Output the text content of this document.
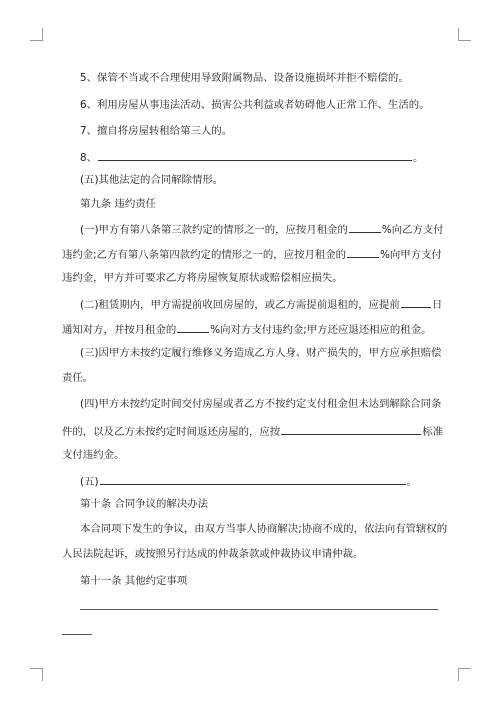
5、保管不当或不合理使用导致附属物品、设备设施损坏并拒不赔偿的。
6、利用房屋从事违法活动、损害公共利益或者妨碍他人正常工作、生活的。
7、擅自将房屋转租给第三人的。
8、	。
(五)其他法定的合同解除情形。
第九条 违约责任
(一)甲方有第八条第三款约定的情形之一的，应按月租金的	%向乙方支付
违约金;乙方有第八条第四款约定的情形之一的，应按月租金的	%向甲方支付
违约金，甲方并可要求乙方将房屋恢复原状或赔偿相应损失。
(二)租赁期内，甲方需提前收回房屋的，或乙方需提前退租的，应提前	日
通知对方，并按月租金的	%向对方支付违约金;甲方还应退还相应的租金。
(三)因甲方未按约定履行维修义务造成乙方人身、财产损失的，甲方应承担赔偿
责任。
(四)甲方未按约定时间交付房屋或者乙方不按约定支付租金但未达到解除合同条
件的，以及乙方未按约定时间返还房屋的，应按	标准
支付违约金。
(五)	。
第十条 合同争议的解决办法
本合同项下发生的争议，由双方当事人协商解决;协商不成的，依法向有管辖权的
人民法院起诉，或按照另行达成的仲裁条款或仲裁协议申请仲裁。
第十一条 其他约定事项
